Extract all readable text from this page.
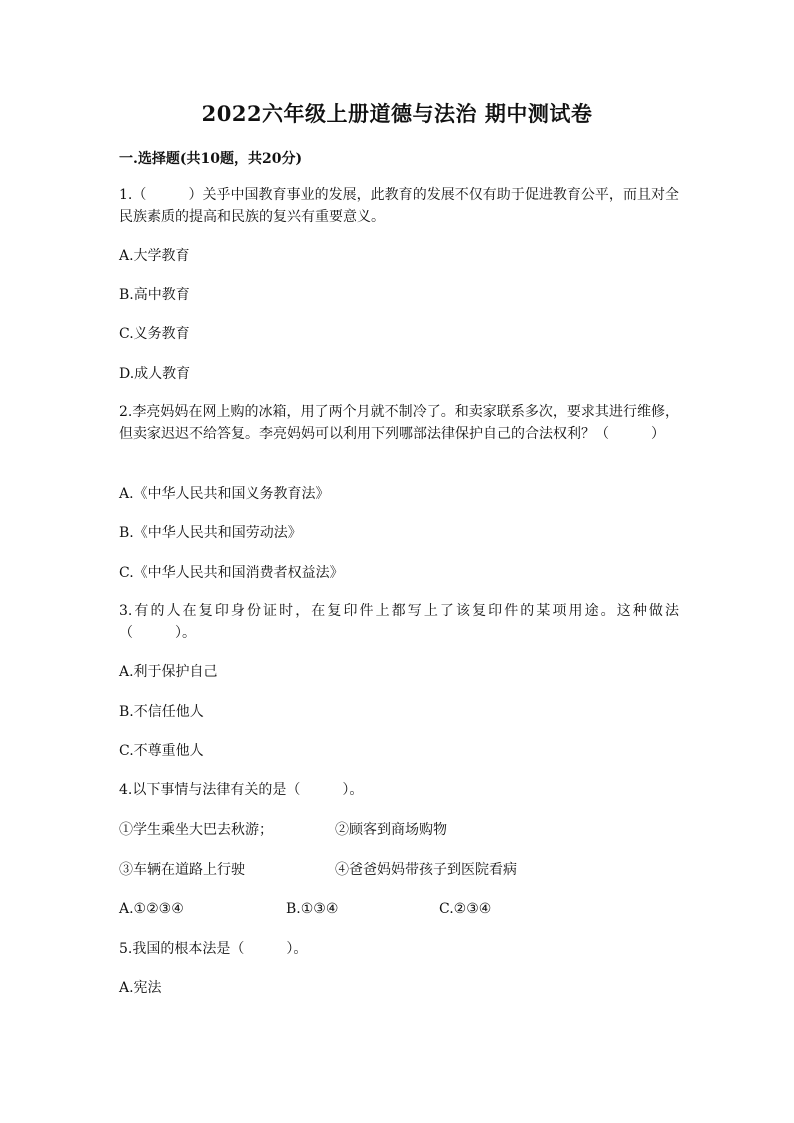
2022六年级上册道德与法治 期中测试卷
一.选择题(共10题，共20分)
1.（　　　）关乎中国教育事业的发展，此教育的发展不仅有助于促进教育公平，而且对全民族素质的提高和民族的复兴有重要意义。
A.大学教育
B.高中教育
C.义务教育
D.成人教育
2.李亮妈妈在网上购的冰箱，用了两个月就不制冷了。和卖家联系多次，要求其进行维修，但卖家迟迟不给答复。李亮妈妈可以利用下列哪部法律保护自己的合法权利？（　　　）
A.《中华人民共和国义务教育法》
B.《中华人民共和国劳动法》
C.《中华人民共和国消费者权益法》
3.有的人在复印身份证时，在复印件上都写上了该复印件的某项用途。这种做法（　　　）。
A.利于保护自己
B.不信任他人
C.不尊重他人
4.以下事情与法律有关的是（　　　）。
①学生乘坐大巴去秋游；	②顾客到商场购物
③车辆在道路上行驶	④爸爸妈妈带孩子到医院看病
A.①②③④	B.①③④	C.②③④
5.我国的根本法是（　　　）。
A.宪法
